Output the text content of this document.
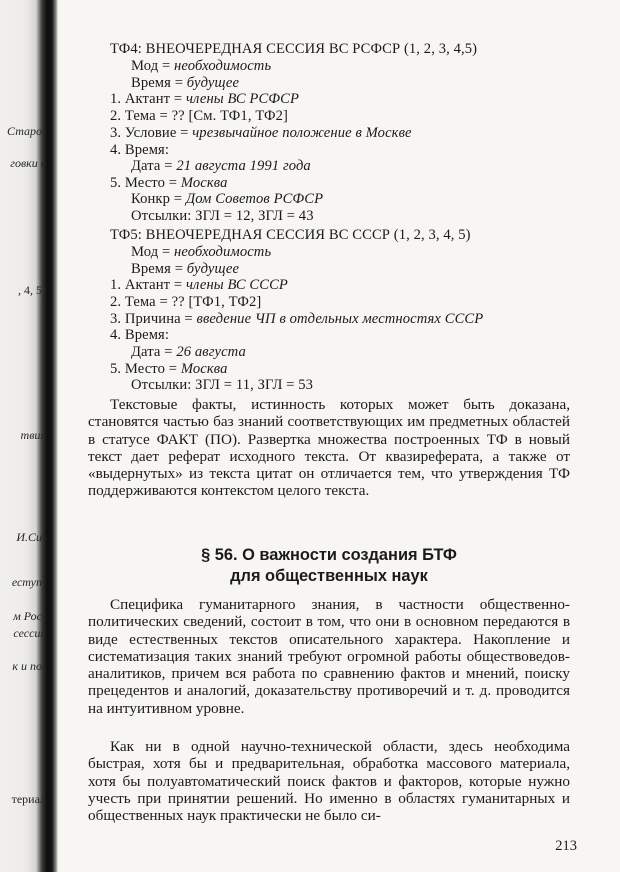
Старо-
говки в
, 4, 5)
твия
И.Си-
еступ-
м Рос-
сессия
к и по-
териал
ТФ4: ВНЕОЧЕРЕДНАЯ СЕССИЯ ВС РСФСР (1, 2, 3, 4,5)
Мод = необходимость
Время = будущее
1. Актант = члены ВС РСФСР
2. Тема = ?? [См. ТФ1, ТФ2]
3. Условие = чрезвычайное положение в Москве
4. Время:
Дата = 21 августа 1991 года
5. Место = Москва
Конкр = Дом Советов РСФСР
Отсылки: ЗГЛ = 12, ЗГЛ = 43
ТФ5: ВНЕОЧЕРЕДНАЯ СЕССИЯ ВС СССР (1, 2, 3, 4, 5)
Мод = необходимость
Время = будущее
1. Актант = члены ВС СССР
2. Тема = ?? [ТФ1, ТФ2]
3. Причина = введение ЧП в отдельных местностях СССР
4. Время:
Дата = 26 августа
5. Место = Москва
Отсылки: ЗГЛ = 11, ЗГЛ = 53

Текстовые факты, истинность которых может быть доказана, становятся частью баз знаний соответствующих им предметных областей в статусе ФАКТ (ПО). Развертка множества построенных ТФ в новый текст дает реферат исходного текста. От квазиреферата, а также от «выдернутых» из текста цитат он отличается тем, что утверждения ТФ поддерживаются контекстом целого текста.

§ 56. О важности создания БТФ
для общественных наук

Специфика гуманитарного знания, в частности общественно-политических сведений, состоит в том, что они в основном передаются в виде естественных текстов описательного характера. Накопление и систематизация таких знаний требуют огромной работы обществоведов-аналитиков, причем вся работа по сравнению фактов и мнений, поиску прецедентов и аналогий, доказательству противоречий и т. д. проводится на интуитивном уровне.

Как ни в одной научно-технической области, здесь необходима быстрая, хотя бы и предварительная, обработка массового материала, хотя бы полуавтоматический поиск фактов и факторов, которые нужно учесть при принятии решений. Но именно в областях гуманитарных и общественных наук практически не было си-

213
